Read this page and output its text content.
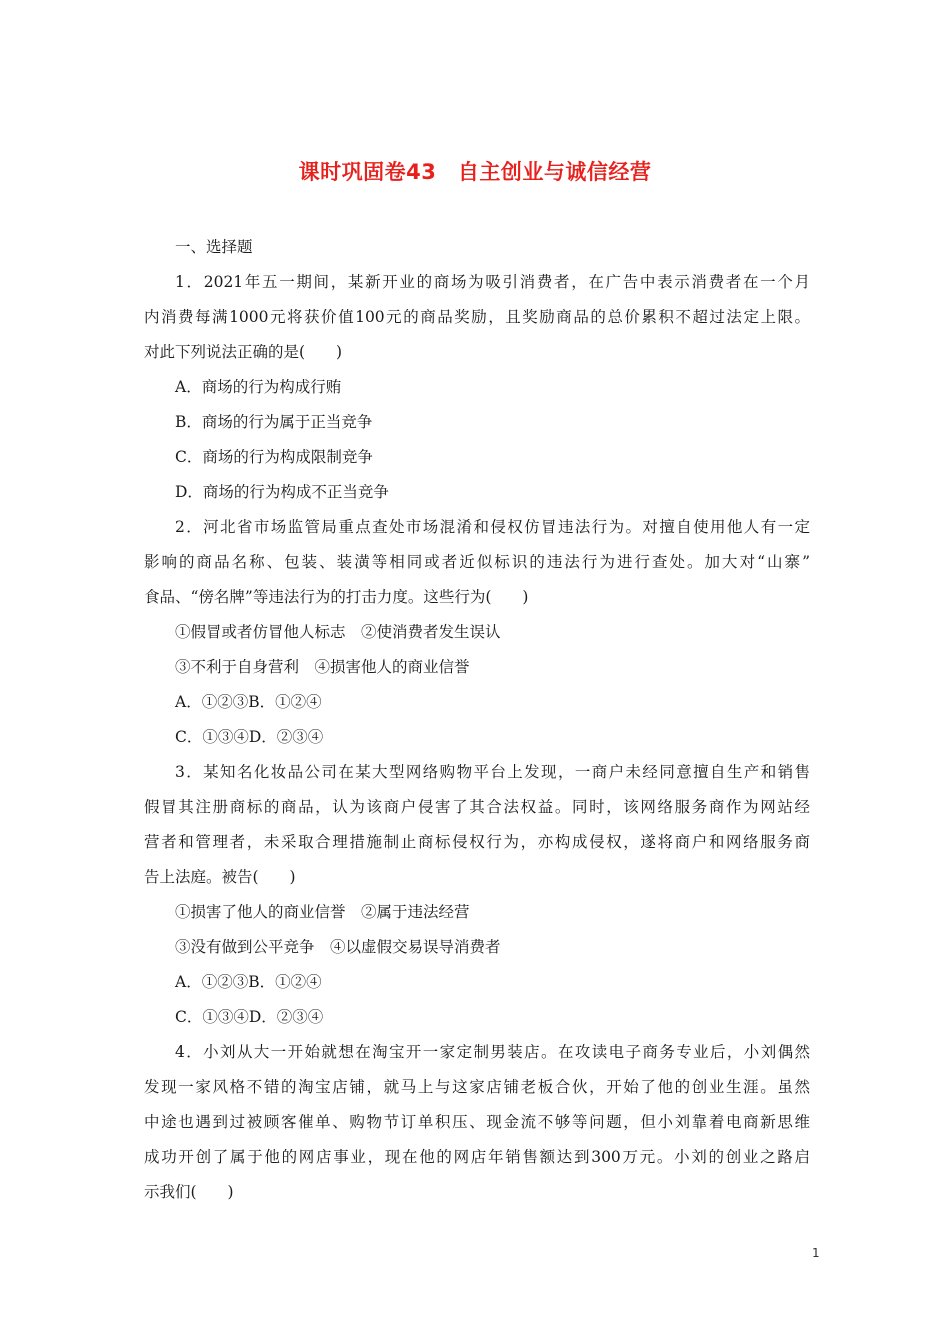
课时巩固卷43　自主创业与诚信经营
一、选择题
1．2021年五一期间，某新开业的商场为吸引消费者，在广告中表示消费者在一个月
内消费每满1000元将获价值100元的商品奖励，且奖励商品的总价累积不超过法定上限。
对此下列说法正确的是(　　)
A．商场的行为构成行贿
B．商场的行为属于正当竞争
C．商场的行为构成限制竞争
D．商场的行为构成不正当竞争
2．河北省市场监管局重点查处市场混淆和侵权仿冒违法行为。对擅自使用他人有一定
影响的商品名称、包装、装潢等相同或者近似标识的违法行为进行查处。加大对“山寨”
食品、“傍名牌”等违法行为的打击力度。这些行为(　　)
①假冒或者仿冒他人标志　②使消费者发生误认
③不利于自身营利　④损害他人的商业信誉
A．①②③B．①②④
C．①③④D．②③④
3．某知名化妆品公司在某大型网络购物平台上发现，一商户未经同意擅自生产和销售
假冒其注册商标的商品，认为该商户侵害了其合法权益。同时，该网络服务商作为网站经
营者和管理者，未采取合理措施制止商标侵权行为，亦构成侵权，遂将商户和网络服务商
告上法庭。被告(　　)
①损害了他人的商业信誉　②属于违法经营
③没有做到公平竞争　④以虚假交易误导消费者
A．①②③B．①②④
C．①③④D．②③④
4．小刘从大一开始就想在淘宝开一家定制男装店。在攻读电子商务专业后，小刘偶然
发现一家风格不错的淘宝店铺，就马上与这家店铺老板合伙，开始了他的创业生涯。虽然
中途也遇到过被顾客催单、购物节订单积压、现金流不够等问题，但小刘靠着电商新思维
成功开创了属于他的网店事业，现在他的网店年销售额达到300万元。小刘的创业之路启
示我们(　　)
1
